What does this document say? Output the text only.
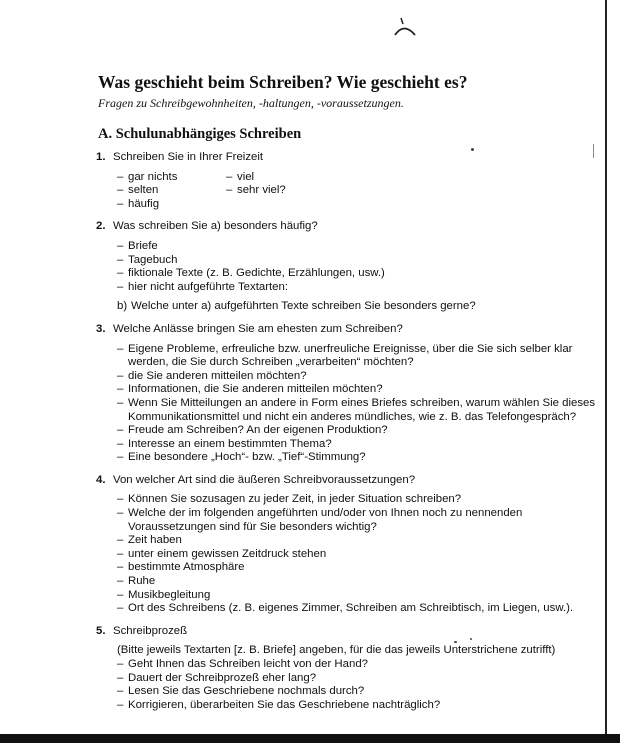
Was geschieht beim Schreiben? Wie geschieht es?

Fragen zu Schreibgewohnheiten, -haltungen, -voraussetzungen.

A. Schulunabhängiges Schreiben
1. Schreiben Sie in Ihrer Freizeit
– gar nichts	– viel
– selten	– sehr viel?
– häufig
2. Was schreiben Sie a) besonders häufig?
– Briefe
– Tagebuch
– fiktionale Texte (z. B. Gedichte, Erzählungen, usw.)
– hier nicht aufgeführte Textarten:
b) Welche unter a) aufgeführten Texte schreiben Sie besonders gerne?
3. Welche Anlässe bringen Sie am ehesten zum Schreiben?
– Eigene Probleme, erfreuliche bzw. unerfreuliche Ereignisse, über die Sie sich selber klar werden, die Sie durch Schreiben „verarbeiten“ möchten?
– die Sie anderen mitteilen möchten?
– Informationen, die Sie anderen mitteilen möchten?
– Wenn Sie Mitteilungen an andere in Form eines Briefes schreiben, warum wählen Sie dieses Kommunikationsmittel und nicht ein anderes mündliches, wie z. B. das Telefongespräch?
– Freude am Schreiben? An der eigenen Produktion?
– Interesse an einem bestimmten Thema?
– Eine besondere „Hoch“- bzw. „Tief“-Stimmung?
4. Von welcher Art sind die äußeren Schreibvoraussetzungen?
– Können Sie sozusagen zu jeder Zeit, in jeder Situation schreiben?
– Welche der im folgenden angeführten und/oder von Ihnen noch zu nennenden Voraussetzungen sind für Sie besonders wichtig?
– Zeit haben
– unter einem gewissen Zeitdruck stehen
– bestimmte Atmosphäre
– Ruhe
– Musikbegleitung
– Ort des Schreibens (z. B. eigenes Zimmer, Schreiben am Schreibtisch, im Liegen, usw.).
5. Schreibprozeß
(Bitte jeweils Textarten [z. B. Briefe] angeben, für die das jeweils Unterstrichene zutrifft)
– Geht Ihnen das Schreiben leicht von der Hand?
– Dauert der Schreibprozeß eher lang?
– Lesen Sie das Geschriebene nochmals durch?
– Korrigieren, überarbeiten Sie das Geschriebene nachträglich?
